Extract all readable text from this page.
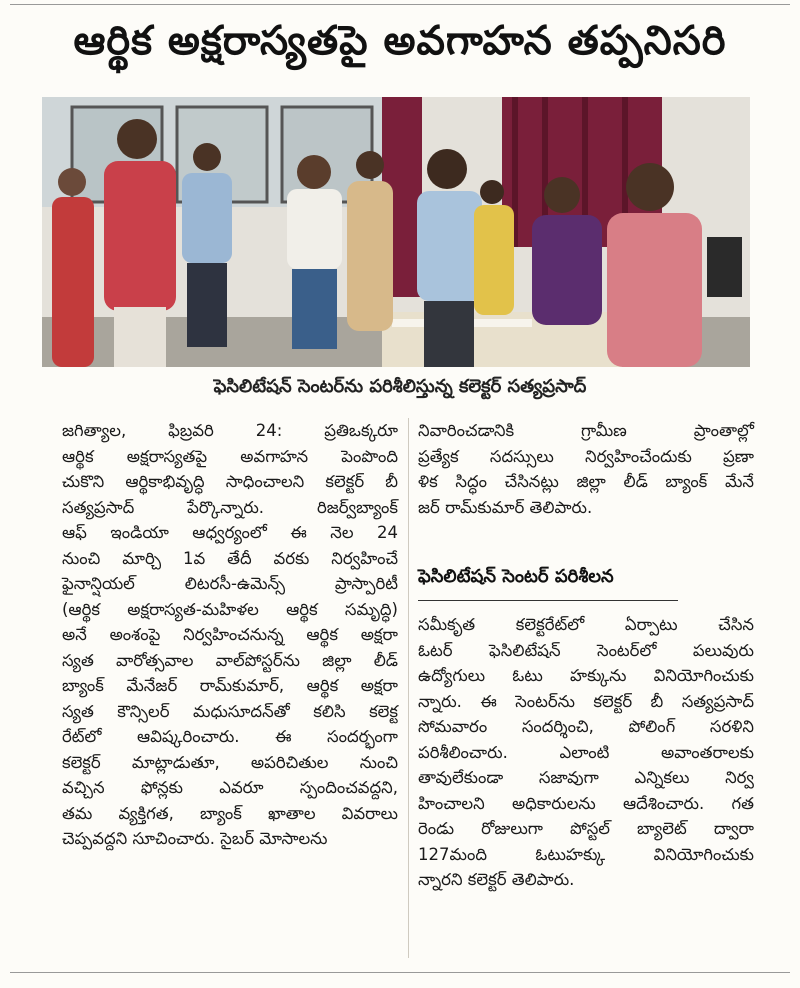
ఆర్థిక అక్షరాస్యతపై అవగాహన తప్పనిసరి
ఫెసిలిటేషన్ సెంటర్‌ను పరిశీలిస్తున్న కలెక్టర్ సత్యప్రసాద్

జగిత్యాల, ఫిబ్రవరి 24: ప్రతిఒక్కరూ

ఆర్థిక అక్షరాస్యతపై అవగాహన పెంపొంది

చుకొని ఆర్థికాభివృద్ధి సాధించాలని కలెక్టర్ బీ

సత్యప్రసాద్ పేర్కొన్నారు. రిజర్వ్‌బ్యాంక్

ఆఫ్ ఇండియా ఆధ్వర్యంలో ఈ నెల 24

నుంచి మార్చి 1వ తేదీ వరకు నిర్వహించే

ఫైనాన్షియల్ లిటరసీ-ఉమెన్స్ ప్రాస్పారిటీ

(ఆర్థిక అక్షరాస్యత-మహిళల ఆర్థిక సమృద్ధి)

అనే అంశంపై నిర్వహించనున్న ఆర్థిక అక్షరా

స్యత వారోత్సవాల వాల్‌పోస్టర్‌ను జిల్లా లీడ్

బ్యాంక్ మేనేజర్ రామ్‌కుమార్, ఆర్థిక అక్షరా

స్యత కౌన్సిలర్ మధుసూదన్‌తో కలిసి కలెక్ట

రేట్‌లో ఆవిష్కరించారు. ఈ సందర్భంగా

కలెక్టర్ మాట్లాడుతూ, అపరిచితుల నుంచి

వచ్చిన ఫోన్లకు ఎవరూ స్పందించవద్దని,

తమ వ్యక్తిగత, బ్యాంక్ ఖాతాల వివరాలు

చెప్పవద్దని సూచించారు. సైబర్ మోసాలను

నివారించడానికి గ్రామీణ ప్రాంతాల్లో

ప్రత్యేక సదస్సులు నిర్వహించేందుకు ప్రణా

ళిక సిద్ధం చేసినట్లు జిల్లా లీడ్ బ్యాంక్ మేనే

జర్ రామ్‌కుమార్ తెలిపారు.

ఫెసిలిటేషన్ సెంటర్ పరిశీలన

సమీకృత కలెక్టరేట్‌లో ఏర్పాటు చేసిన

ఓటర్ ఫెసిలిటేషన్ సెంటర్‌లో పలువురు

ఉద్యోగులు ఓటు హక్కును వినియోగించుకు

న్నారు. ఈ సెంటర్‌ను కలెక్టర్ బీ సత్యప్రసాద్

సోమవారం సందర్శించి, పోలింగ్ సరళిని

పరిశీలించారు. ఎలాంటి అవాంతరాలకు

తావులేకుండా సజావుగా ఎన్నికలు నిర్వ

హించాలని అధికారులను ఆదేశించారు. గత

రెండు రోజులుగా పోస్టల్ బ్యాలెట్ ద్వారా

127మంది ఓటుహక్కు వినియోగించుకు

న్నారని కలెక్టర్ తెలిపారు.
